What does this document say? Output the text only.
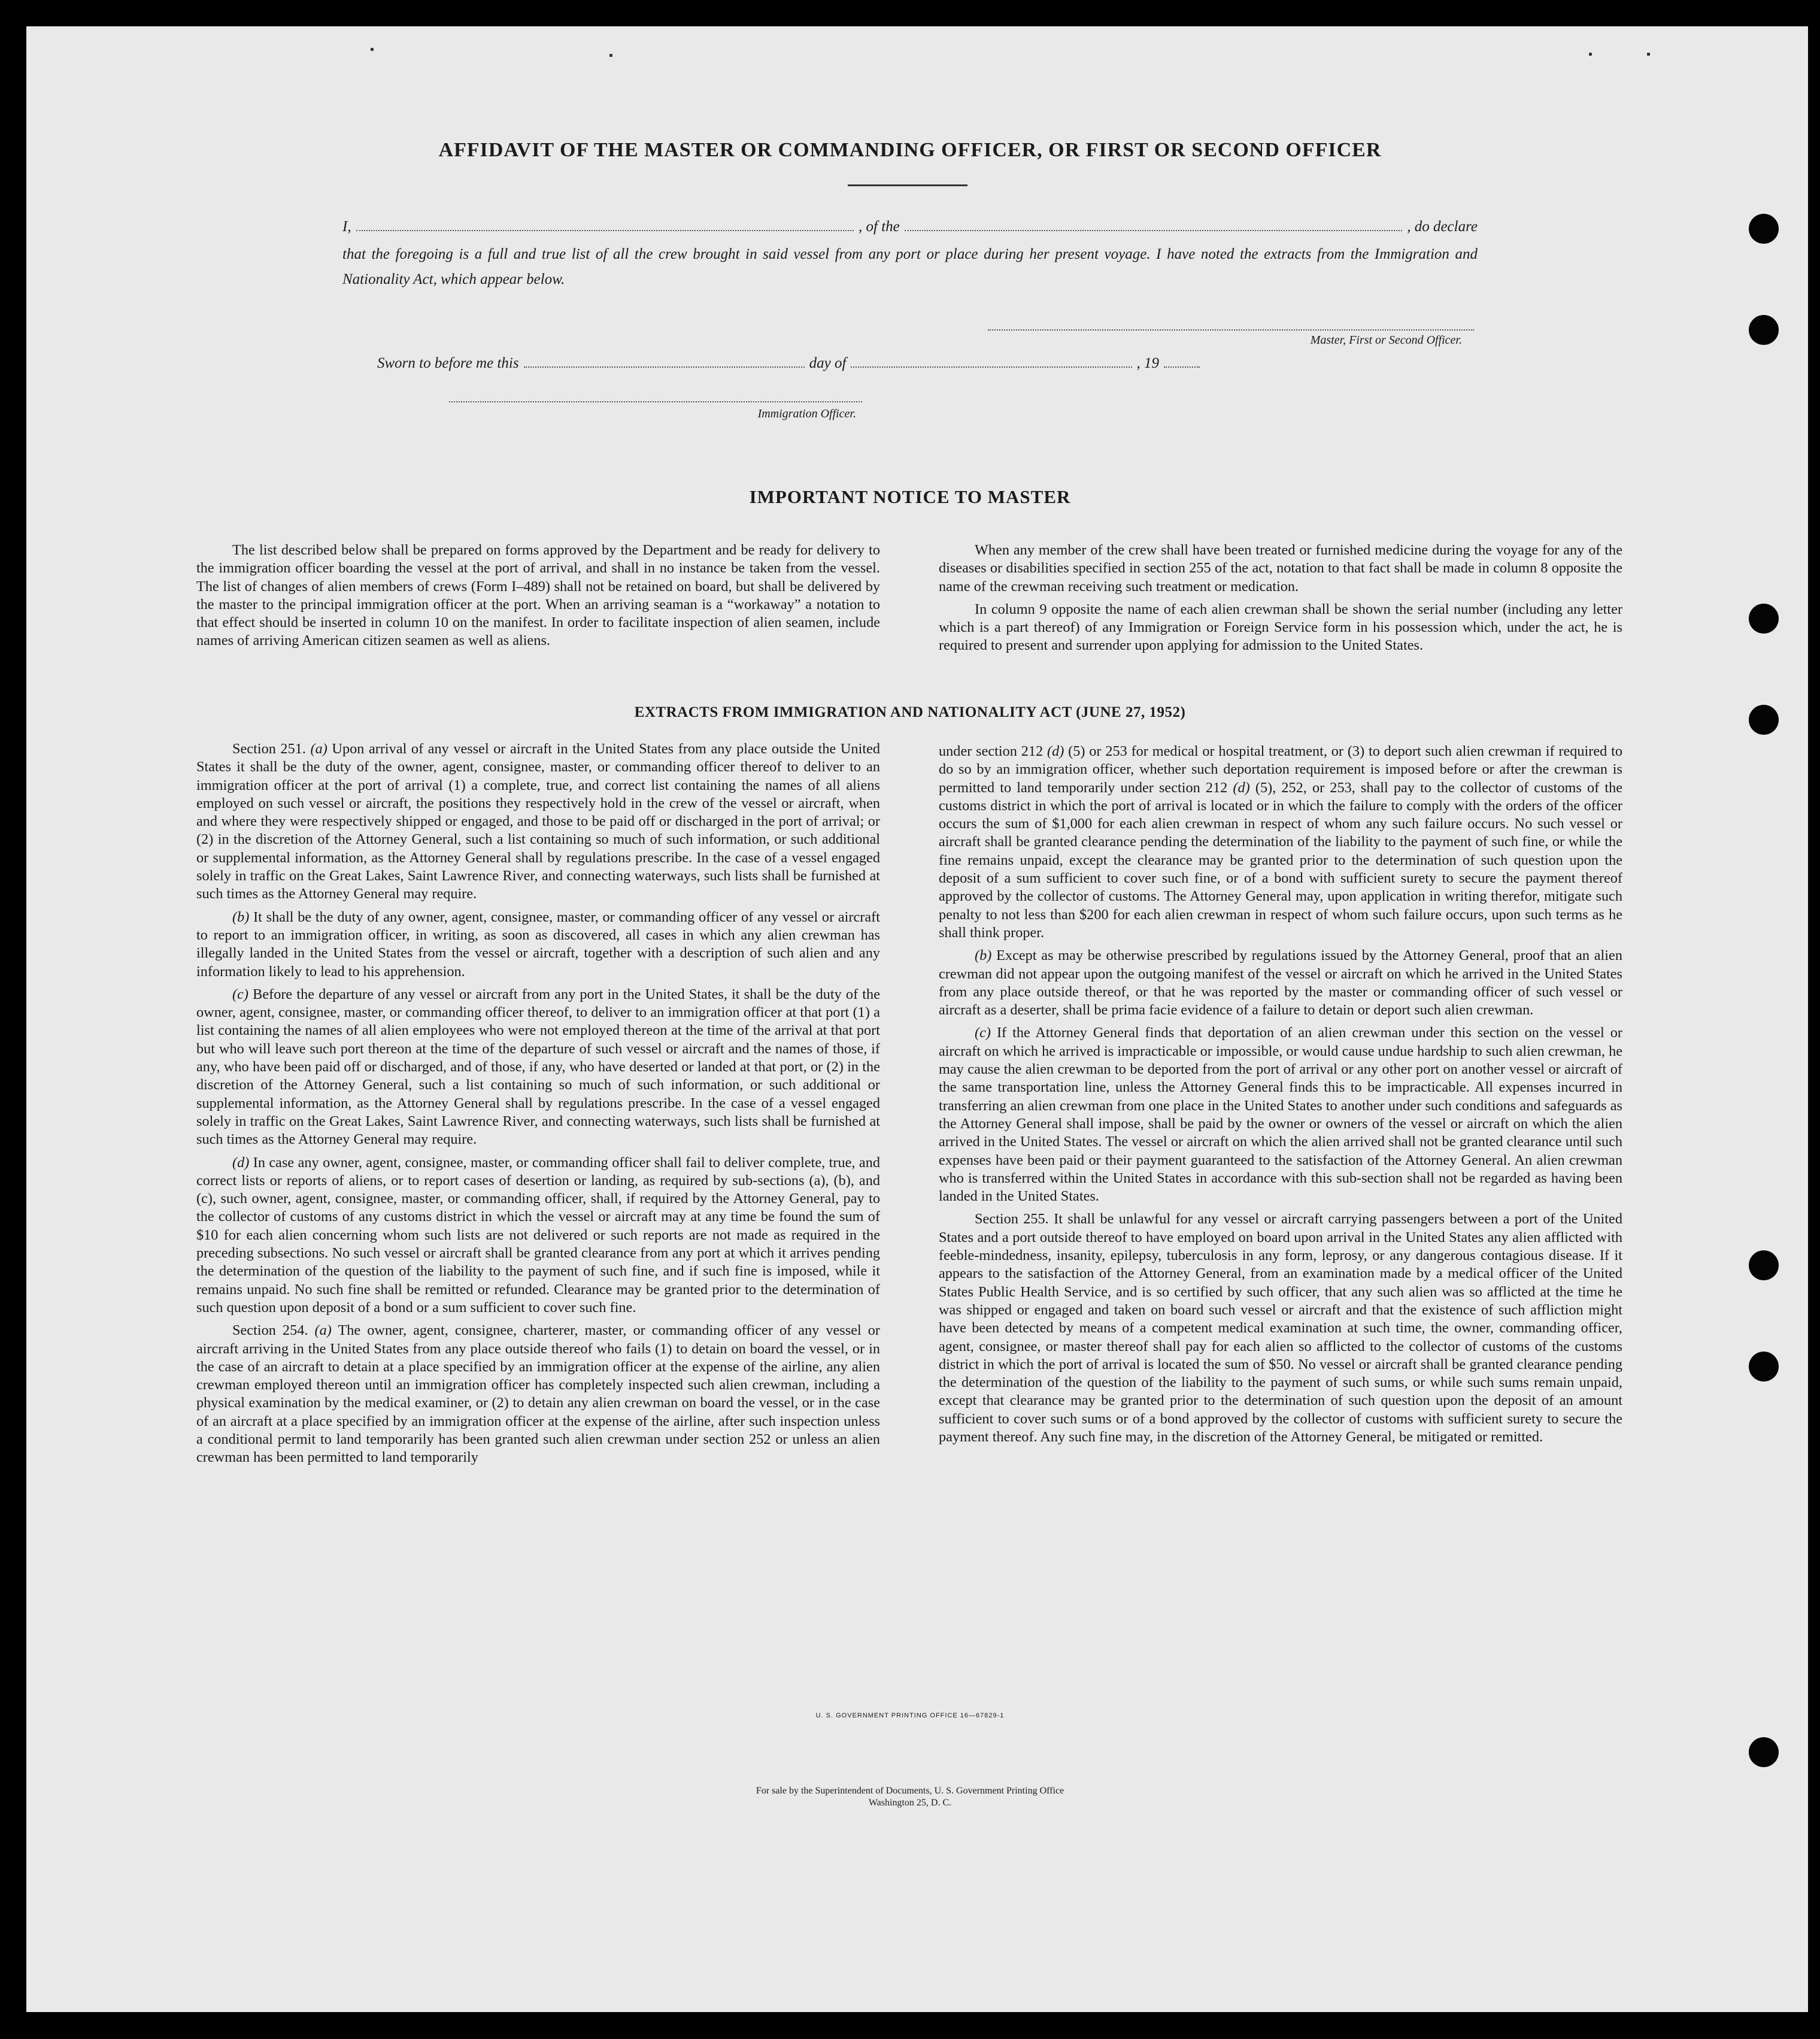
AFFIDAVIT OF THE MASTER OR COMMANDING OFFICER, OR FIRST OR SECOND OFFICER
I,	, of the	, do declare
that the foregoing is a full and true list of all the crew brought in said vessel from any port or place during her present voyage. I have noted the extracts from the Immigration and Nationality Act, which appear below.
Master, First or Second Officer.
Sworn to before me this	day of	, 19
Immigration Officer.
IMPORTANT NOTICE TO MASTER

The list described below shall be prepared on forms approved by the Department and be ready for delivery to the immigration officer boarding the vessel at the port of arrival, and shall in no instance be taken from the vessel. The list of changes of alien members of crews (Form I–489) shall not be retained on board, but shall be delivered by the master to the principal immigration officer at the port. When an arriving seaman is a “workaway” a notation to that effect should be inserted in column 10 on the manifest. In order to facilitate inspection of alien seamen, include names of arriving American citizen seamen as well as aliens.

When any member of the crew shall have been treated or furnished medicine during the voyage for any of the diseases or disabilities specified in section 255 of the act, notation to that fact shall be made in column 8 opposite the name of the crewman receiving such treatment or medication.

In column 9 opposite the name of each alien crewman shall be shown the serial number (including any letter which is a part thereof) of any Immigration or Foreign Service form in his possession which, under the act, he is required to present and surrender upon applying for admission to the United States.

EXTRACTS FROM IMMIGRATION AND NATIONALITY ACT (JUNE 27, 1952)

Section 251. (a) Upon arrival of any vessel or aircraft in the United States from any place outside the United States it shall be the duty of the owner, agent, consignee, master, or commanding officer thereof to deliver to an immigration officer at the port of arrival (1) a complete, true, and correct list containing the names of all aliens employed on such vessel or aircraft, the positions they respectively hold in the crew of the vessel or aircraft, when and where they were respectively shipped or engaged, and those to be paid off or discharged in the port of arrival; or (2) in the discretion of the Attorney General, such a list containing so much of such information, or such additional or supplemental information, as the Attorney General shall by regulations prescribe. In the case of a vessel engaged solely in traffic on the Great Lakes, Saint Lawrence River, and connecting waterways, such lists shall be furnished at such times as the Attorney General may require.

(b) It shall be the duty of any owner, agent, consignee, master, or commanding officer of any vessel or aircraft to report to an immigration officer, in writing, as soon as discovered, all cases in which any alien crewman has illegally landed in the United States from the vessel or aircraft, together with a description of such alien and any information likely to lead to his apprehension.

(c) Before the departure of any vessel or aircraft from any port in the United States, it shall be the duty of the owner, agent, consignee, master, or commanding officer thereof, to deliver to an immigration officer at that port (1) a list containing the names of all alien employees who were not employed thereon at the time of the arrival at that port but who will leave such port thereon at the time of the departure of such vessel or aircraft and the names of those, if any, who have been paid off or discharged, and of those, if any, who have deserted or landed at that port, or (2) in the discretion of the Attorney General, such a list containing so much of such information, or such additional or supplemental information, as the Attorney General shall by regulations prescribe. In the case of a vessel engaged solely in traffic on the Great Lakes, Saint Lawrence River, and connecting waterways, such lists shall be furnished at such times as the Attorney General may require.

(d) In case any owner, agent, consignee, master, or commanding officer shall fail to deliver complete, true, and correct lists or reports of aliens, or to report cases of desertion or landing, as required by sub-sections (a), (b), and (c), such owner, agent, consignee, master, or commanding officer, shall, if required by the Attorney General, pay to the collector of customs of any customs district in which the vessel or aircraft may at any time be found the sum of $10 for each alien concerning whom such lists are not delivered or such reports are not made as required in the preceding subsections. No such vessel or aircraft shall be granted clearance from any port at which it arrives pending the determination of the question of the liability to the payment of such fine, and if such fine is imposed, while it remains unpaid. No such fine shall be remitted or refunded. Clearance may be granted prior to the determination of such question upon deposit of a bond or a sum sufficient to cover such fine.

Section 254. (a) The owner, agent, consignee, charterer, master, or commanding officer of any vessel or aircraft arriving in the United States from any place outside thereof who fails (1) to detain on board the vessel, or in the case of an aircraft to detain at a place specified by an immigration officer at the expense of the airline, any alien crewman employed thereon until an immigration officer has completely inspected such alien crewman, including a physical examination by the medical examiner, or (2) to detain any alien crewman on board the vessel, or in the case of an aircraft at a place specified by an immigration officer at the expense of the airline, after such inspection unless a conditional permit to land temporarily has been granted such alien crewman under section 252 or unless an alien crewman has been permitted to land temporarily

under section 212 (d) (5) or 253 for medical or hospital treatment, or (3) to deport such alien crewman if required to do so by an immigration officer, whether such deportation requirement is imposed before or after the crewman is permitted to land temporarily under section 212 (d) (5), 252, or 253, shall pay to the collector of customs of the customs district in which the port of arrival is located or in which the failure to comply with the orders of the officer occurs the sum of $1,000 for each alien crewman in respect of whom any such failure occurs. No such vessel or aircraft shall be granted clearance pending the determination of the liability to the payment of such fine, or while the fine remains unpaid, except the clearance may be granted prior to the determination of such question upon the deposit of a sum sufficient to cover such fine, or of a bond with sufficient surety to secure the payment thereof approved by the collector of customs. The Attorney General may, upon application in writing therefor, mitigate such penalty to not less than $200 for each alien crewman in respect of whom such failure occurs, upon such terms as he shall think proper.

(b) Except as may be otherwise prescribed by regulations issued by the Attorney General, proof that an alien crewman did not appear upon the outgoing manifest of the vessel or aircraft on which he arrived in the United States from any place outside thereof, or that he was reported by the master or commanding officer of such vessel or aircraft as a deserter, shall be prima facie evidence of a failure to detain or deport such alien crewman.

(c) If the Attorney General finds that deportation of an alien crewman under this section on the vessel or aircraft on which he arrived is impracticable or impossible, or would cause undue hardship to such alien crewman, he may cause the alien crewman to be deported from the port of arrival or any other port on another vessel or aircraft of the same transportation line, unless the Attorney General finds this to be impracticable. All expenses incurred in transferring an alien crewman from one place in the United States to another under such conditions and safeguards as the Attorney General shall impose, shall be paid by the owner or owners of the vessel or aircraft on which the alien arrived in the United States. The vessel or aircraft on which the alien arrived shall not be granted clearance until such expenses have been paid or their payment guaranteed to the satisfaction of the Attorney General. An alien crewman who is transferred within the United States in accordance with this sub-section shall not be regarded as having been landed in the United States.

Section 255. It shall be unlawful for any vessel or aircraft carrying passengers between a port of the United States and a port outside thereof to have employed on board upon arrival in the United States any alien afflicted with feeble-mindedness, insanity, epilepsy, tuberculosis in any form, leprosy, or any dangerous contagious disease. If it appears to the satisfaction of the Attorney General, from an examination made by a medical officer of the United States Public Health Service, and is so certified by such officer, that any such alien was so afflicted at the time he was shipped or engaged and taken on board such vessel or aircraft and that the existence of such affliction might have been detected by means of a competent medical examination at such time, the owner, commanding officer, agent, consignee, or master thereof shall pay for each alien so afflicted to the collector of customs of the customs district in which the port of arrival is located the sum of $50. No vessel or aircraft shall be granted clearance pending the determination of the question of the liability to the payment of such sums, or while such sums remain unpaid, except that clearance may be granted prior to the determination of such question upon the deposit of an amount sufficient to cover such sums or of a bond approved by the collector of customs with sufficient surety to secure the payment thereof. Any such fine may, in the discretion of the Attorney General, be mitigated or remitted.

U. S. GOVERNMENT PRINTING OFFICE 16—67829-1
For sale by the Superintendent of Documents, U. S. Government Printing Office
Washington 25, D. C.
